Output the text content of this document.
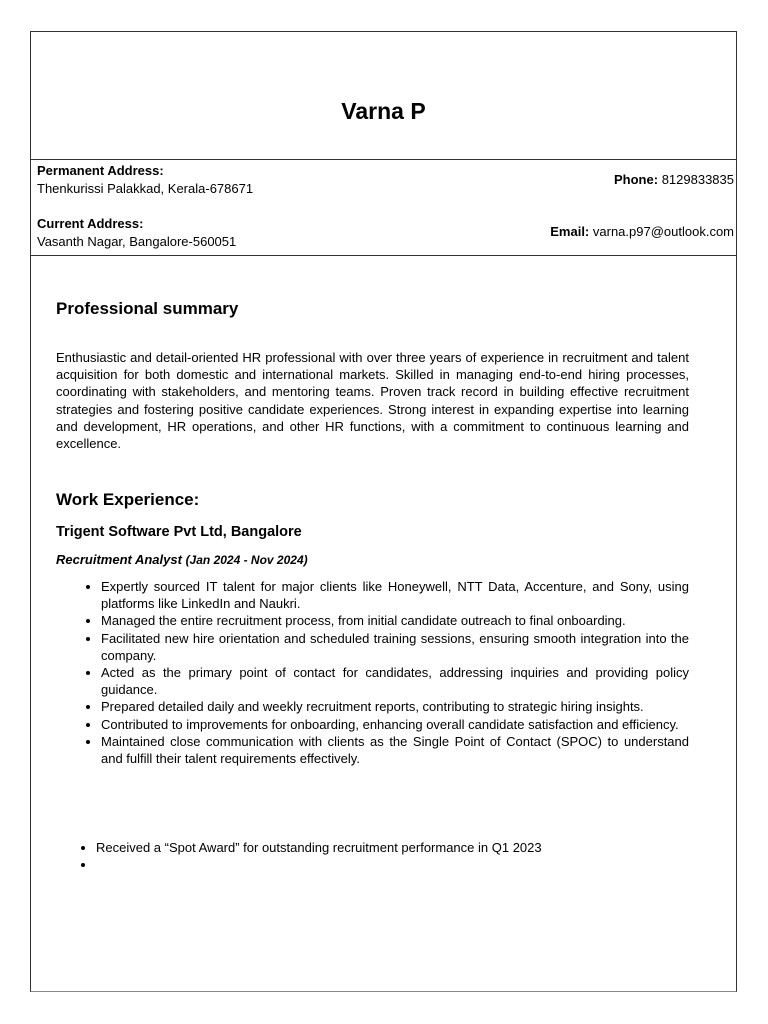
Varna P
Permanent Address:
Thenkurissi Palakkad, Kerala-678671
Current Address:
Vasanth Nagar, Bangalore-560051
Phone: 8129833835
Email: varna.p97@outlook.com
Professional summary
Enthusiastic and detail-oriented HR professional with over three years of experience in recruitment and talent acquisition for both domestic and international markets. Skilled in managing end-to-end hiring processes, coordinating with stakeholders, and mentoring teams. Proven track record in building effective recruitment strategies and fostering positive candidate experiences. Strong interest in expanding expertise into learning and development, HR operations, and other HR functions, with a commitment to continuous learning and excellence.
Work Experience:
Trigent Software Pvt Ltd, Bangalore
Recruitment Analyst (Jan 2024 - Nov 2024)
• Expertly sourced IT talent for major clients like Honeywell, NTT Data, Accenture, and Sony, using platforms like LinkedIn and Naukri.
• Managed the entire recruitment process, from initial candidate outreach to final onboarding.
• Facilitated new hire orientation and scheduled training sessions, ensuring smooth integration into the company.
• Acted as the primary point of contact for candidates, addressing inquiries and providing policy guidance.
• Prepared detailed daily and weekly recruitment reports, contributing to strategic hiring insights.
• Contributed to improvements for onboarding, enhancing overall candidate satisfaction and efficiency.
• Maintained close communication with clients as the Single Point of Contact (SPOC) to understand and fulfill their talent requirements effectively.
• Received a “Spot Award” for outstanding recruitment performance in Q1 2023
•
